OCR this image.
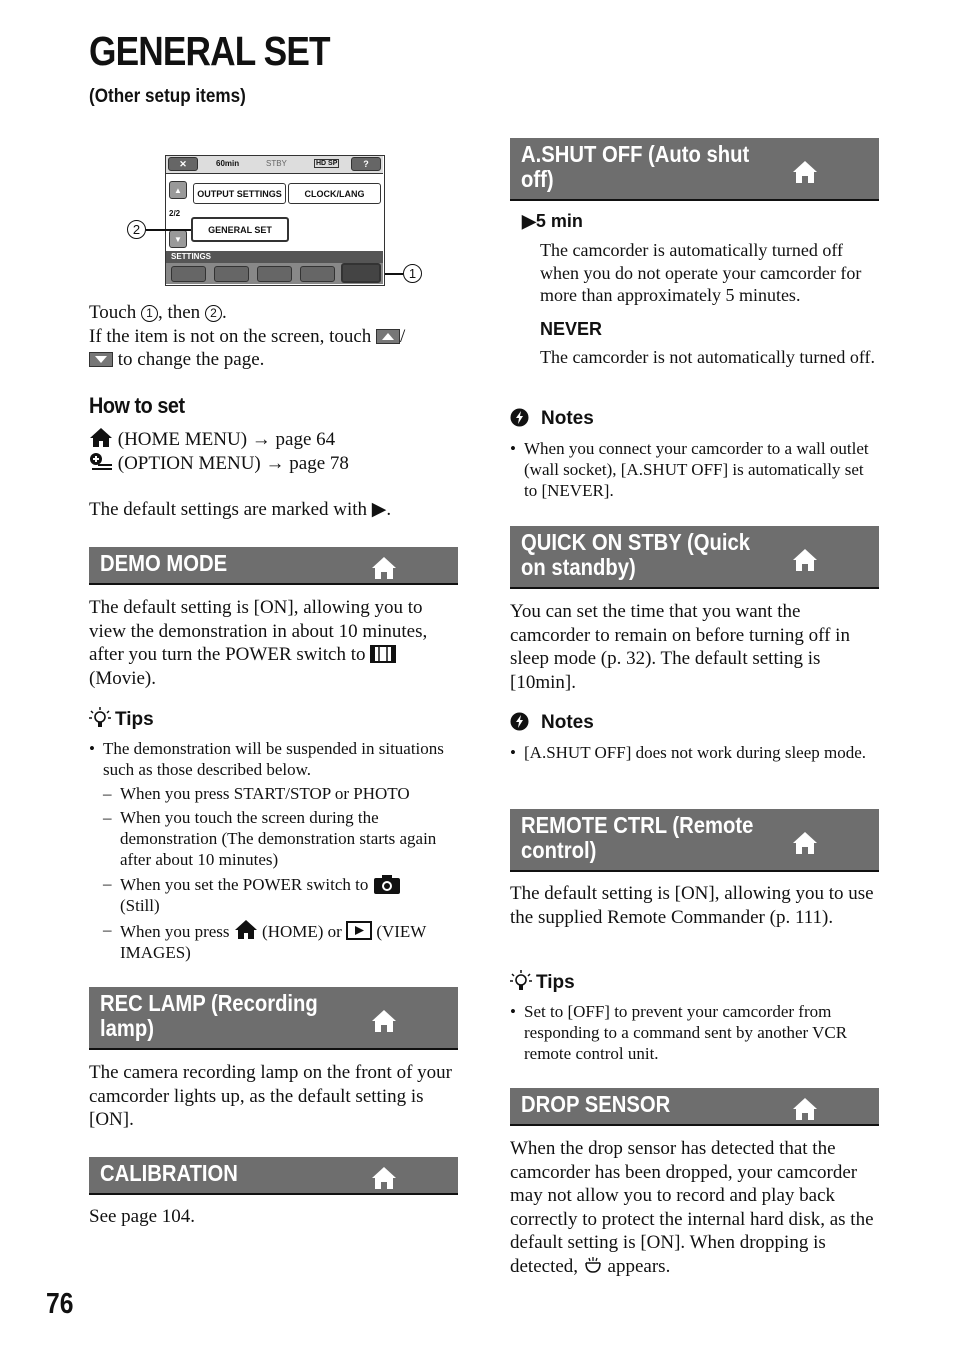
GENERAL SET
(Other setup items)
✕	60min	STBY	HD SP	?
▲
2/2
▼
OUTPUT SETTINGS	CLOCK/LANG
GENERAL SET
SETTINGS
2
1
Touch 1 , then 2 .
If the item is not on the screen, touch /

to change the page.
How to set
(HOME MENU) → page 64
(OPTION MENU) → page 78
The default settings are marked with ▶.
DEMO MODE
The default setting is [ON], allowing you to view the demonstration in about 10 minutes, after you turn the POWER switch to  (Movie).
Tips
• The demonstration will be suspended in situations such as those described below.
– When you press START/STOP or PHOTO
– When you touch the screen during the demonstration (The demonstration starts again after about 10 minutes)
– When you set the POWER switch to
(Still)
– When you press (HOME) or (VIEW IMAGES)
REC LAMP (Recording lamp)
The camera recording lamp on the front of your camcorder lights up, as the default setting is [ON].
CALIBRATION
See page 104.
A.SHUT OFF (Auto shut off)
▶5 min
The camcorder is automatically turned off when you do not operate your camcorder for more than approximately 5 minutes.
NEVER
The camcorder is not automatically turned off.
Notes
• When you connect your camcorder to a wall outlet (wall socket), [A.SHUT OFF] is automatically set to [NEVER].
QUICK ON STBY (Quick on standby)
You can set the time that you want the camcorder to remain on before turning off in sleep mode (p. 32). The default setting is [10min].
Notes
• [A.SHUT OFF] does not work during sleep mode.
REMOTE CTRL (Remote control)
The default setting is [ON], allowing you to use the supplied Remote Commander (p. 111).
Tips
• Set to [OFF] to prevent your camcorder from responding to a command sent by another VCR remote control unit.
DROP SENSOR
When the drop sensor has detected that the camcorder has been dropped, your camcorder may not allow you to record and play back correctly to protect the internal hard disk, as the default setting is [ON]. When dropping is detected, appears.
76
